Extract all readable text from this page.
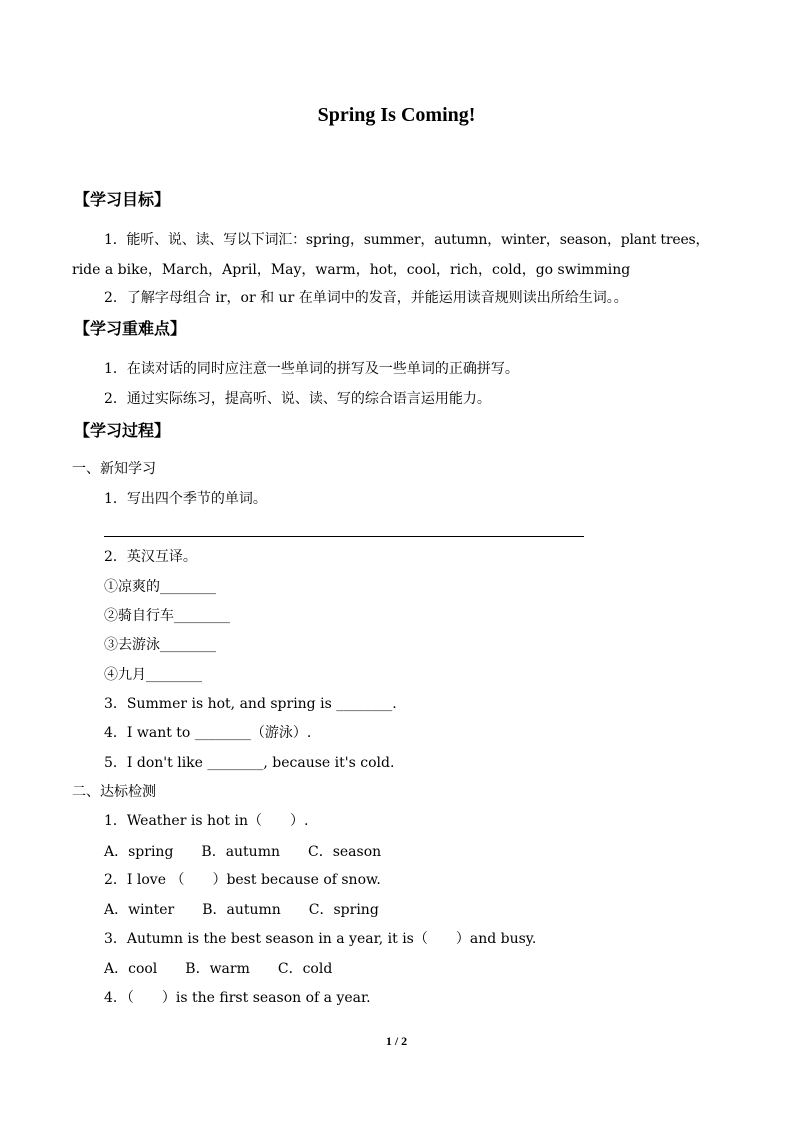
Spring Is Coming!
【学习目标】
1．能听、说、读、写以下词汇：spring，summer，autumn，winter，season，plant trees，
ride a bike，March，April，May，warm，hot，cool，rich，cold，go swimming
2．了解字母组合 ir，or 和 ur 在单词中的发音，并能运用读音规则读出所给生词。。
【学习重难点】
1．在读对话的同时应注意一些单词的拼写及一些单词的正确拼写。
2．通过实际练习，提高听、说、读、写的综合语言运用能力。
【学习过程】
一、新知学习
1．写出四个季节的单词。
2．英汉互译。
①凉爽的________
②骑自行车________
③去游泳________
④九月________
3．Summer is hot, and spring is ________.
4．I want to ________（游泳）.
5．I don't like ________, because it's cold.
二、达标检测
1．Weather is hot in（　　）.
A．spring　　B．autumn　　C．season
2．I love （　　）best because of snow.
A．winter　　B．autumn　　C．spring
3．Autumn is the best season in a year, it is（　　）and busy.
A．cool　　B．warm　　C．cold
4．（　　）is the first season of a year.
1 / 2
